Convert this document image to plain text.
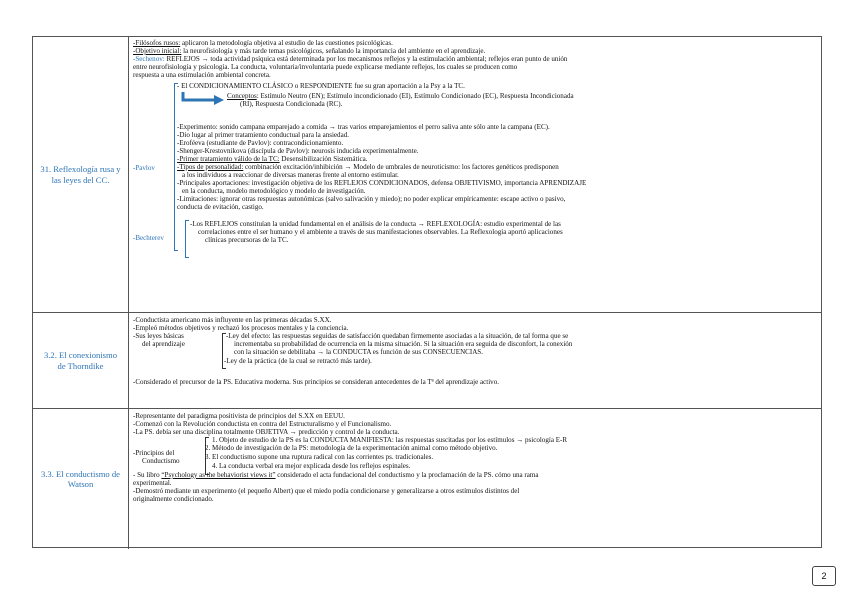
31. Reflexología rusa y las leyes del CC.
-Filósofos rusos: aplicaron la metodología objetiva al estudio de las cuestiones psicológicas.
-Objetivo inicial: la neurofisiología y más tarde temas psicológicos, señalando la importancia del ambiente en el aprendizaje.
-Sechenov: REFLEJOS → toda actividad psíquica está determinada por los mecanismos reflejos y la estimulación ambiental; reflejos eran punto de unión
entre neurofisiología y psicología. La conducta, voluntaria/involuntaria puede explicarse mediante reflejos, los cuales se producen como
respuesta a una estimulación ambiental concreta.
-Pavlov
- El CONDICIONAMIENTO CLÁSICO o RESPONDIENTE fue su gran aportación a la Psy a la TC.
Conceptos: Estímulo Neutro (EN); Estímulo incondicionado (EI), Estímulo Condicionado (EC), Respuesta Incondicionada
(RI), Respuesta Condicionada (RC).
-Experimento: sonido campana emparejado a comida → tras varios emparejamientos el perro saliva ante sólo ante la campana (EC).
-Dio lugar al primer tratamiento conductual para la ansiedad.
-Eroféeva (estudiante de Pavlov): contracondicionamiento.
-Shenger-Krestovnikova (discípula de Pavlov): neurosis inducida experimentalmente.
-Primer tratamiento válido de la TC: Desensibilización Sistemática.
-Tipos de personalidad: combinación excitación/inhibición → Modelo de umbrales de neuroticismo: los factores genéticos predisponen
a los individuos a reaccionar de diversas maneras frente al entorno estimular.
-Principales aportaciones: investigación objetiva de los REFLEJOS CONDICIONADOS, defensa OBJETIVISMO, importancia APRENDIZAJE
en la conducta, modelo metodológico y modelo de investigación.
-Limitaciones: ignorar otras respuestas autonómicas (salvo salivación y miedo); no poder explicar empíricamente: escape activo o pasivo,
conducta de evitación, castigo.
-Bechterev
-Los REFLEJOS constituían la unidad fundamental en el análisis de la conducta → REFLEXOLOGÍA: estudio experimental de las
correlaciones entre el ser humano y el ambiente a través de sus manifestaciones observables. La Reflexología aportó aplicaciones
clínicas precursoras de la TC.
3.2. El conexionismo de Thorndike
-Conductista americano más influyente en las primeras décadas S.XX.
-Empleó métodos objetivos y rechazó los procesos mentales y la conciencia.
-Sus leyes básicas
del aprendizaje
-Ley del efecto: las respuestas seguidas de satisfacción quedaban firmemente asociadas a la situación, de tal forma que se
incrementaba su probabilidad de ocurrencia en la misma situación. Si la situación era seguida de disconfort, la conexión
con la situación se debilitaba → la CONDUCTA es función de sus CONSECUENCIAS.
-Ley de la práctica (de la cual se retractó más tarde).
-Considerado el precursor de la PS. Educativa moderna. Sus principios se consideran antecedentes de la Tª del aprendizaje activo.
3.3. El conductismo de Watson
-Representante del paradigma positivista de principios del S.XX en EEUU.
-Comenzó con la Revolución conductista en contra del Estructuralismo y el Funcionalismo.
-La PS. debía ser una disciplina totalmente OBJETIVA → predicción y control de la conducta.
-Principios del
Conductismo
1. Objeto de estudio de la PS es la CONDUCTA MANIFIESTA: las respuestas suscitadas por los estímulos → psicología E-R
2. Método de investigación de la PS: metodología de la experimentación animal como método objetivo.
3. El conductismo supone una ruptura radical con las corrientes ps. tradicionales.
4. La conducta verbal era mejor explicada desde los reflejos espinales.
- Su libro “Psychology as the behaviorist views it” considerado el acta fundacional del conductismo y la proclamación de la PS. cómo una rama
experimental.
-Demostró mediante un experimento (el pequeño Albert) que el miedo podía condicionarse y generalizarse a otros estímulos distintos del
originalmente condicionado.
2
